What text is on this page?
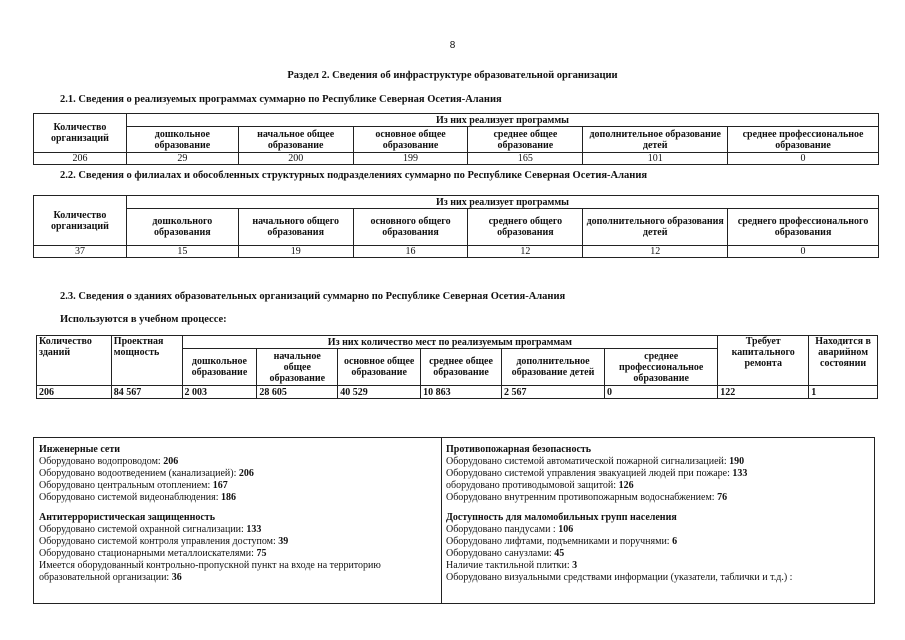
8
Раздел 2. Сведения об инфраструктуре образовательной организации
2.1. Сведения о реализуемых программах суммарно по Республике Северная Осетия-Алания
Количество организаций	Из них реализует программы					
	дошкольное образование	начальное общее образование	основное общее образование	среднее общее образование	дополнительное образование детей	среднее профессиональное образование
206	29	200	199	165	101	0
2.2. Сведения о филиалах и обособленных структурных подразделениях суммарно по Республике Северная Осетия-Алания
Количество организаций	Из них реализует программы					
	дошкольного образования	начального общего образования	основного общего образования	среднего общего образования	дополнительного образования детей	среднего профессионального образования
37	15	19	16	12	12	0
2.3. Сведения о зданиях образовательных организаций суммарно по Республике Северная Осетия-Алания
Используются в учебном процессе:
Количество зданий	Проектная мощность	Из них количество мест по реализуемым программам						Требует капитального ремонта	Находится в аварийном состоянии
		дошкольное образование	начальное общее образование	основное общее образование	среднее общее образование	дополнительное образование детей	среднее профессиональное образование		
206	84 567	2 003	28 605	40 529	10 863	2 567	0	122	1
Инженерные сети
Оборудовано водопроводом: 206
Оборудовано водоотведением (канализацией): 206
Оборудовано центральным отоплением: 167
Оборудовано системой видеонаблюдения: 186
Антитеррористическая защищенность
Оборудовано системой охранной сигнализации: 133
Оборудовано системой контроля управления доступом: 39
Оборудовано стационарными металлоискателями: 75
Имеется оборудованный контрольно-пропускной пункт на входе на территорию образовательной организации: 36
Противопожарная безопасность
Оборудовано системой автоматической пожарной сигнализацией: 190
Оборудовано системой управления эвакуацией людей при пожаре: 133
оборудовано противодымовой защитой: 126
Оборудовано внутренним противопожарным водоснабжением: 76
Доступность для маломобильных групп населения
Оборудовано пандусами : 106
Оборудовано лифтами, подъемниками и поручнями: 6
Оборудовано санузлами: 45
Наличие тактильной плитки: 3
Оборудовано визуальными средствами информации (указатели, таблички и т.д.) :
